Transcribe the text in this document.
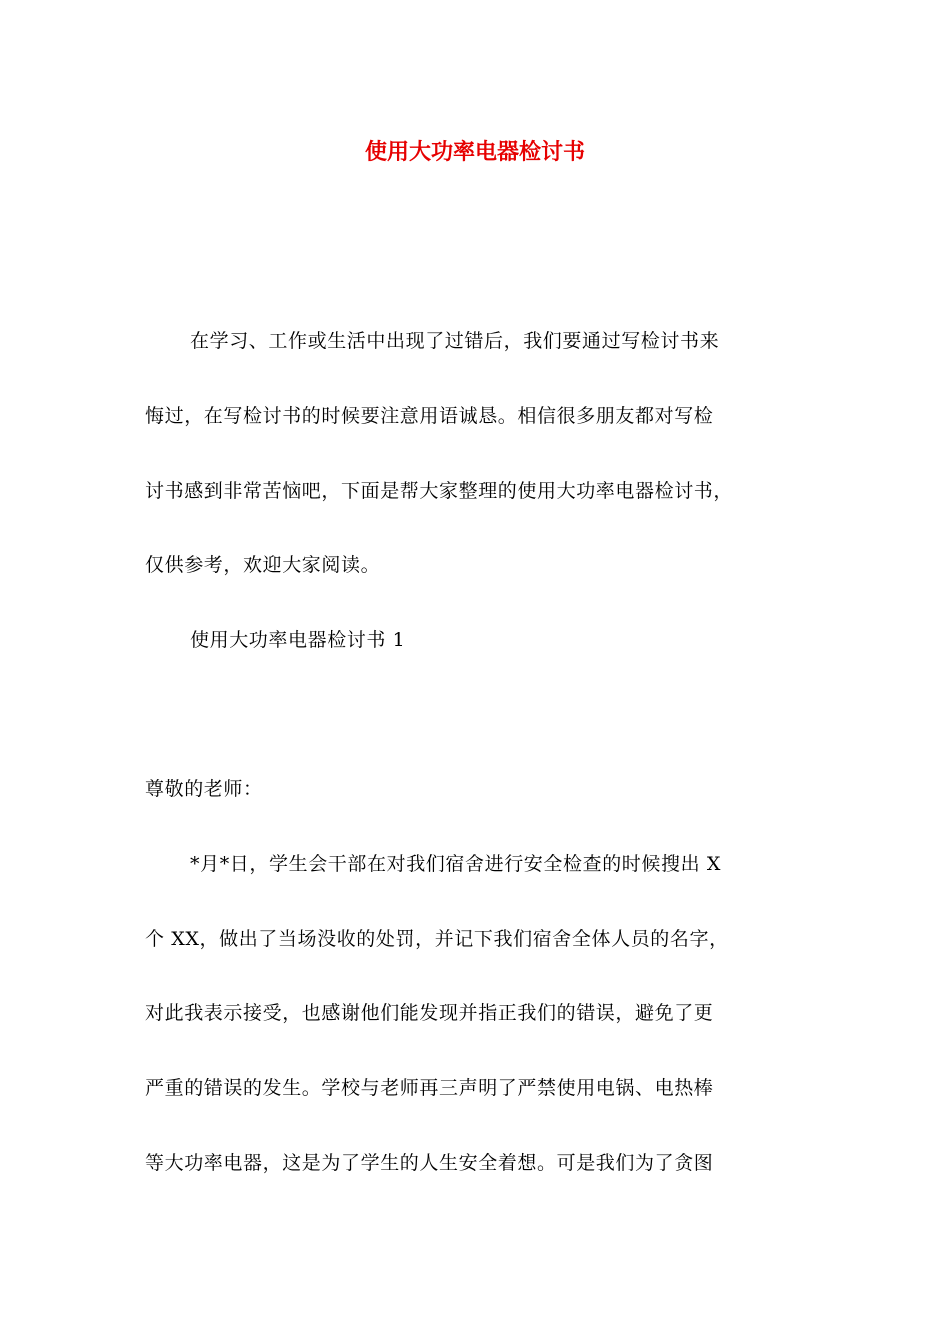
使用大功率电器检讨书
在学习、工作或生活中出现了过错后，我们要通过写检讨书来
悔过，在写检讨书的时候要注意用语诚恳。相信很多朋友都对写检
讨书感到非常苦恼吧，下面是帮大家整理的使用大功率电器检讨书，
仅供参考，欢迎大家阅读。
使用大功率电器检讨书 1
尊敬的老师：
*月*日，学生会干部在对我们宿舍进行安全检查的时候搜出 X
个 XX，做出了当场没收的处罚，并记下我们宿舍全体人员的名字，
对此我表示接受，也感谢他们能发现并指正我们的错误，避免了更
严重的错误的发生。学校与老师再三声明了严禁使用电锅、电热棒
等大功率电器，这是为了学生的人生安全着想。可是我们为了贪图
